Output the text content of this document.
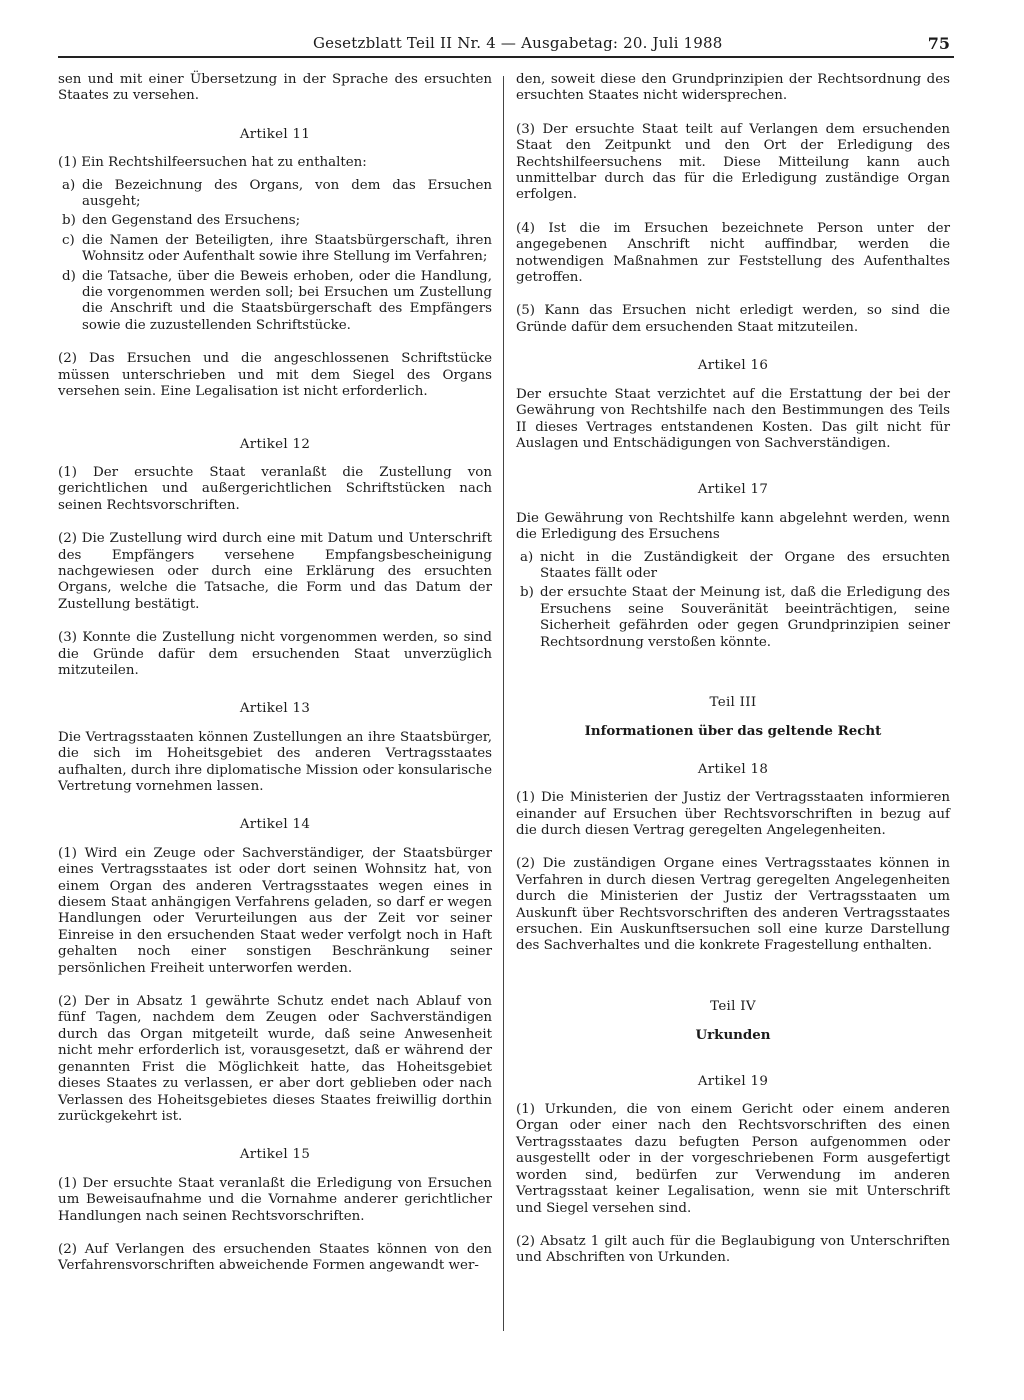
Gesetzblatt Teil II Nr. 4 — Ausgabetag: 20. Juli 1988	75

sen und mit einer Übersetzung in der Sprache des ersuchten Staates zu versehen.

Artikel 11

(1) Ein Rechtshilfeersuchen hat zu enthalten:

a) die Bezeichnung des Organs, von dem das Ersuchen ausgeht;
b) den Gegenstand des Ersuchens;
c) die Namen der Beteiligten, ihre Staatsbürgerschaft, ihren Wohnsitz oder Aufenthalt sowie ihre Stellung im Verfahren;
d) die Tatsache, über die Beweis erhoben, oder die Handlung, die vorgenommen werden soll; bei Ersuchen um Zustellung die Anschrift und die Staatsbürgerschaft des Empfängers sowie die zuzustellenden Schriftstücke.

(2) Das Ersuchen und die angeschlossenen Schriftstücke müssen unterschrieben und mit dem Siegel des Organs versehen sein. Eine Legalisation ist nicht erforderlich.

Artikel 12

(1) Der ersuchte Staat veranlaßt die Zustellung von gerichtlichen und außergerichtlichen Schriftstücken nach seinen Rechtsvorschriften.

(2) Die Zustellung wird durch eine mit Datum und Unterschrift des Empfängers versehene Empfangsbescheinigung nachgewiesen oder durch eine Erklärung des ersuchten Organs, welche die Tatsache, die Form und das Datum der Zustellung bestätigt.

(3) Konnte die Zustellung nicht vorgenommen werden, so sind die Gründe dafür dem ersuchenden Staat unverzüglich mitzuteilen.

Artikel 13

Die Vertragsstaaten können Zustellungen an ihre Staatsbürger, die sich im Hoheitsgebiet des anderen Vertragsstaates aufhalten, durch ihre diplomatische Mission oder konsularische Vertretung vornehmen lassen.

Artikel 14

(1) Wird ein Zeuge oder Sachverständiger, der Staatsbürger eines Vertragsstaates ist oder dort seinen Wohnsitz hat, von einem Organ des anderen Vertragsstaates wegen eines in diesem Staat anhängigen Verfahrens geladen, so darf er wegen Handlungen oder Verurteilungen aus der Zeit vor seiner Einreise in den ersuchenden Staat weder verfolgt noch in Haft gehalten noch einer sonstigen Beschränkung seiner persönlichen Freiheit unterworfen werden.

(2) Der in Absatz 1 gewährte Schutz endet nach Ablauf von fünf Tagen, nachdem dem Zeugen oder Sachverständigen durch das Organ mitgeteilt wurde, daß seine Anwesenheit nicht mehr erforderlich ist, vorausgesetzt, daß er während der genannten Frist die Möglichkeit hatte, das Hoheitsgebiet dieses Staates zu verlassen, er aber dort geblieben oder nach Verlassen des Hoheitsgebietes dieses Staates freiwillig dorthin zurückgekehrt ist.

Artikel 15

(1) Der ersuchte Staat veranlaßt die Erledigung von Ersuchen um Beweisaufnahme und die Vornahme anderer gerichtlicher Handlungen nach seinen Rechtsvorschriften.

(2) Auf Verlangen des ersuchenden Staates können von den Verfahrensvorschriften abweichende Formen angewandt wer-

den, soweit diese den Grundprinzipien der Rechtsordnung des ersuchten Staates nicht widersprechen.

(3) Der ersuchte Staat teilt auf Verlangen dem ersuchenden Staat den Zeitpunkt und den Ort der Erledigung des Rechtshilfeersuchens mit. Diese Mitteilung kann auch unmittelbar durch das für die Erledigung zuständige Organ erfolgen.

(4) Ist die im Ersuchen bezeichnete Person unter der angegebenen Anschrift nicht auffindbar, werden die notwendigen Maßnahmen zur Feststellung des Aufenthaltes getroffen.

(5) Kann das Ersuchen nicht erledigt werden, so sind die Gründe dafür dem ersuchenden Staat mitzuteilen.

Artikel 16

Der ersuchte Staat verzichtet auf die Erstattung der bei der Gewährung von Rechtshilfe nach den Bestimmungen des Teils II dieses Vertrages entstandenen Kosten. Das gilt nicht für Auslagen und Entschädigungen von Sachverständigen.

Artikel 17

Die Gewährung von Rechtshilfe kann abgelehnt werden, wenn die Erledigung des Ersuchens

a) nicht in die Zuständigkeit der Organe des ersuchten Staates fällt oder
b) der ersuchte Staat der Meinung ist, daß die Erledigung des Ersuchens seine Souveränität beeinträchtigen, seine Sicherheit gefährden oder gegen Grundprinzipien seiner Rechtsordnung verstoßen könnte.
Teil III
Informationen über das geltende Recht
Artikel 18

(1) Die Ministerien der Justiz der Vertragsstaaten informieren einander auf Ersuchen über Rechtsvorschriften in bezug auf die durch diesen Vertrag geregelten Angelegenheiten.

(2) Die zuständigen Organe eines Vertragsstaates können in Verfahren in durch diesen Vertrag geregelten Angelegenheiten durch die Ministerien der Justiz der Vertragsstaaten um Auskunft über Rechtsvorschriften des anderen Vertragsstaates ersuchen. Ein Auskunftsersuchen soll eine kurze Darstellung des Sachverhaltes und die konkrete Fragestellung enthalten.

Teil IV
Urkunden
Artikel 19

(1) Urkunden, die von einem Gericht oder einem anderen Organ oder einer nach den Rechtsvorschriften des einen Vertragsstaates dazu befugten Person aufgenommen oder ausgestellt oder in der vorgeschriebenen Form ausgefertigt worden sind, bedürfen zur Verwendung im anderen Vertragsstaat keiner Legalisation, wenn sie mit Unterschrift und Siegel versehen sind.

(2) Absatz 1 gilt auch für die Beglaubigung von Unterschriften und Abschriften von Urkunden.
